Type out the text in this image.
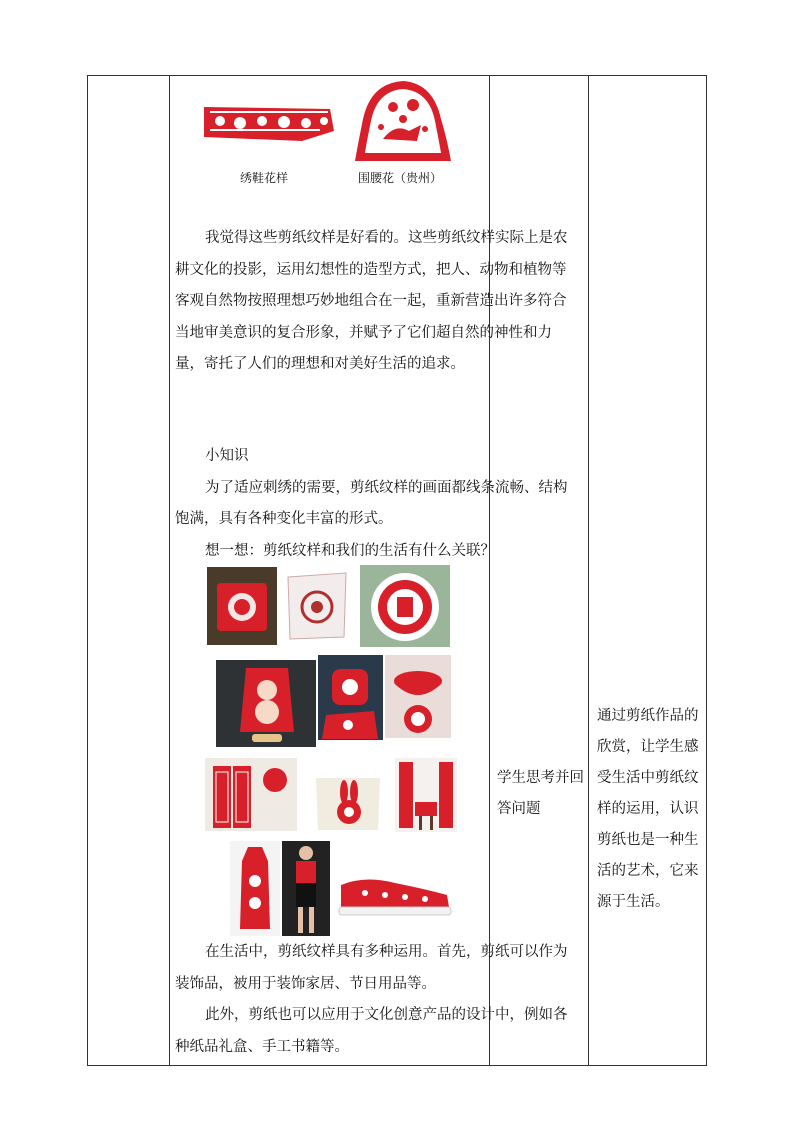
绣鞋花样	围腰花（贵州）

我觉得这些剪纸纹样是好看的。这些剪纸纹样实际上是农耕文化的投影，运用幻想性的造型方式，把人、动物和植物等客观自然物按照理想巧妙地组合在一起，重新营造出许多符合当地审美意识的复合形象，并赋予了它们超自然的神性和力量，寄托了人们的理想和对美好生活的追求。

小知识

为了适应刺绣的需要，剪纸纹样的画面都线条流畅、结构饱满，具有各种变化丰富的形式。

想一想：剪纸纹样和我们的生活有什么关联？

在生活中，剪纸纹样具有多种运用。首先，剪纸可以作为装饰品，被用于装饰家居、节日用品等。

此外，剪纸也可以应用于文化创意产品的设计中，例如各种纸品礼盒、手工书籍等。

学生思考并回答问题
通过剪纸作品的欣赏，让学生感受生活中剪纸纹样的运用，认识剪纸也是一种生活的艺术，它来源于生活。
